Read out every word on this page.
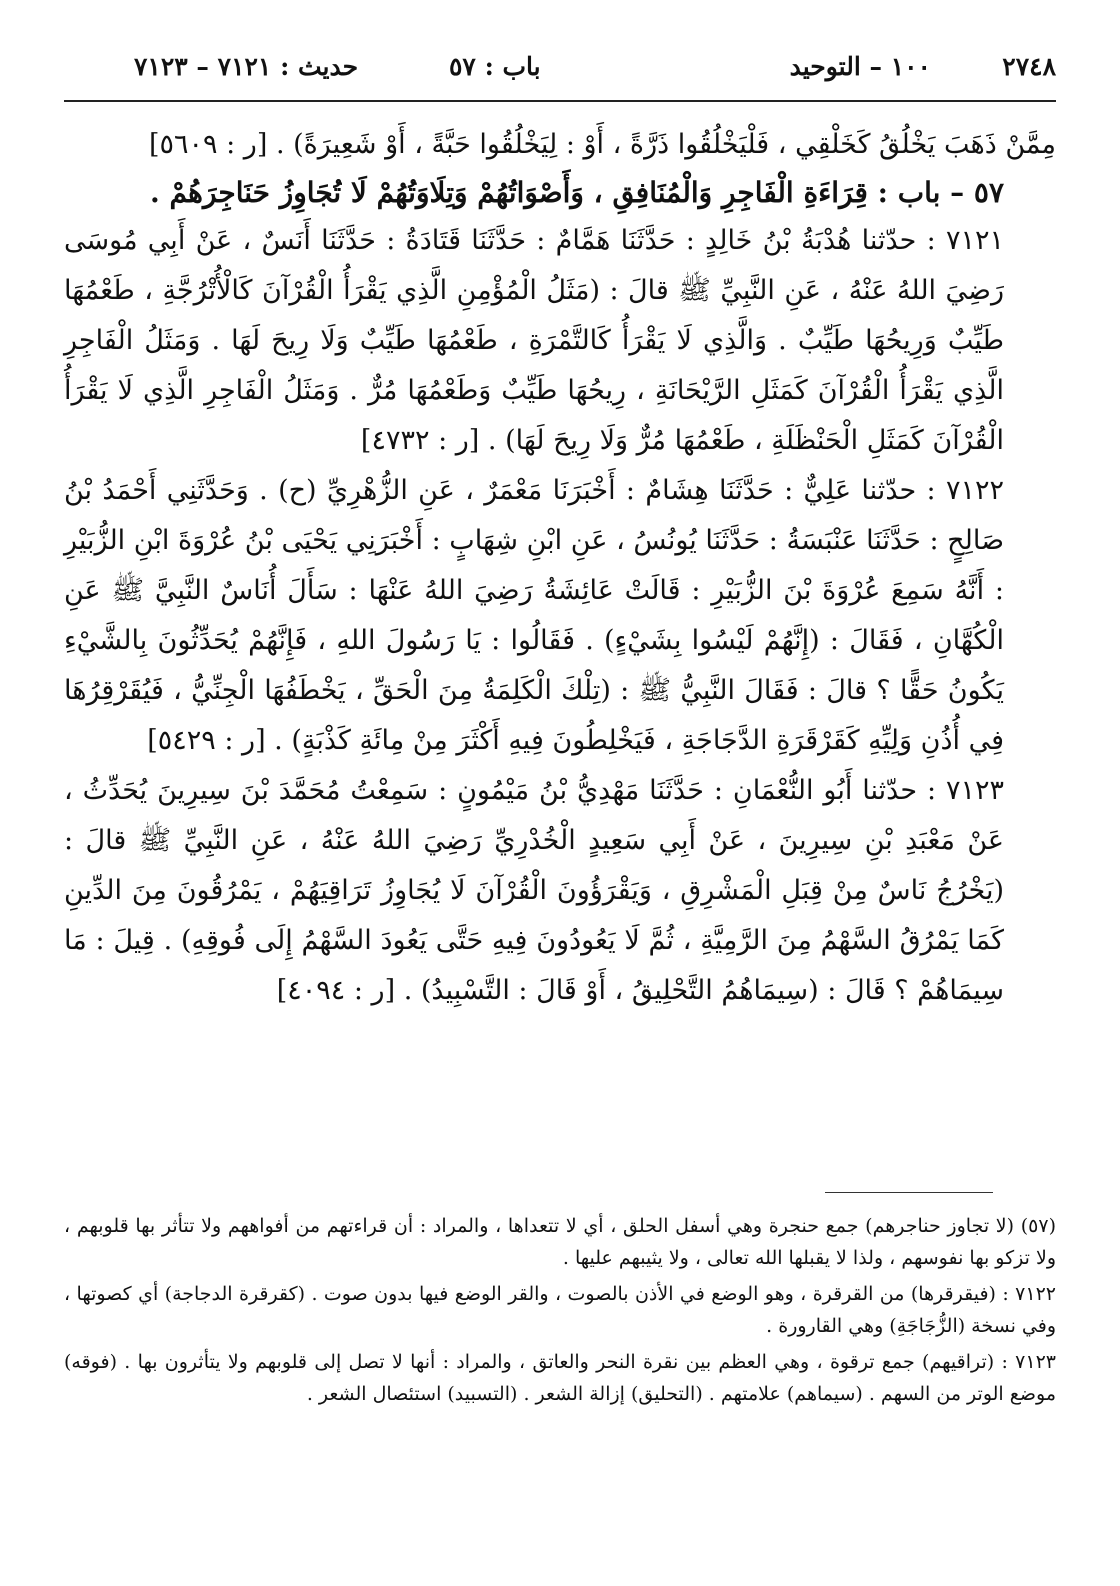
٢٧٤٨
١٠٠ – التوحيد
باب : ٥٧
حديث : ٧١٢١ – ٧١٢٣

مِمَّنْ ذَهَبَ يَخْلُقُ كَخَلْقِي ، فَلْيَخْلُقُوا ذَرَّةً ، أَوْ : لِيَخْلُقُوا حَبَّةً ، أَوْ شَعِيرَةً) . [ر : ٥٦٠٩]

٥٧ – باب : قِرَاءَةِ الْفَاجِرِ وَالْمُنَافِقِ ، وَأَصْوَاتُهُمْ وَتِلَاوَتُهُمْ لَا تُجَاوِزُ حَنَاجِرَهُمْ .

٧١٢١ : حدّثنا هُدْبَةُ بْنُ خَالِدٍ : حَدَّثَنَا هَمَّامٌ : حَدَّثَنَا قَتَادَةُ : حَدَّثَنَا أَنَسٌ ، عَنْ أَبِي مُوسَى رَضِيَ اللهُ عَنْهُ ، عَنِ النَّبِيِّ ﷺ قالَ : (مَثَلُ الْمُؤْمِنِ الَّذِي يَقْرَأُ الْقُرْآنَ كَالْأُتْرُجَّةِ ، طَعْمُهَا طَيِّبٌ وَرِيحُهَا طَيِّبٌ . وَالَّذِي لَا يَقْرَأُ كَالتَّمْرَةِ ، طَعْمُهَا طَيِّبٌ وَلَا رِيحَ لَهَا . وَمَثَلُ الْفَاجِرِ الَّذِي يَقْرَأُ الْقُرْآنَ كَمَثَلِ الرَّيْحَانَةِ ، رِيحُهَا طَيِّبٌ وَطَعْمُهَا مُرٌّ . وَمَثَلُ الْفَاجِرِ الَّذِي لَا يَقْرَأُ الْقُرْآنَ كَمَثَلِ الْحَنْظَلَةِ ، طَعْمُهَا مُرٌّ وَلَا رِيحَ لَهَا) . [ر : ٤٧٣٢]

٧١٢٢ : حدّثنا عَلِيٌّ : حَدَّثَنَا هِشَامٌ : أَخْبَرَنَا مَعْمَرٌ ، عَنِ الزُّهْرِيِّ (ح) . وَحَدَّثَنِي أَحْمَدُ بْنُ صَالِحٍ : حَدَّثَنَا عَنْبَسَةُ : حَدَّثَنَا يُونُسُ ، عَنِ ابْنِ شِهَابٍ : أَخْبَرَنِي يَحْيَى بْنُ عُرْوَةَ ابْنِ الزُّبَيْرِ : أَنَّهُ سَمِعَ عُرْوَةَ بْنَ الزُّبَيْرِ : قَالَتْ عَائِشَةُ رَضِيَ اللهُ عَنْهَا : سَأَلَ أُنَاسٌ النَّبِيَّ ﷺ عَنِ الْكُهَّانِ ، فَقَالَ : (إِنَّهُمْ لَيْسُوا بِشَيْءٍ) . فَقَالُوا : يَا رَسُولَ اللهِ ، فَإِنَّهُمْ يُحَدِّثُونَ بِالشَّيْءِ يَكُونُ حَقًّا ؟ قالَ : فَقَالَ النَّبِيُّ ﷺ : (تِلْكَ الْكَلِمَةُ مِنَ الْحَقِّ ، يَخْطَفُهَا الْجِنِّيُّ ، فَيُقَرْقِرُهَا فِي أُذُنِ وَلِيِّهِ كَقَرْقَرَةِ الدَّجَاجَةِ ، فَيَخْلِطُونَ فِيهِ أَكْثَرَ مِنْ مِائَةِ كَذْبَةٍ) . [ر : ٥٤٢٩]

٧١٢٣ : حدّثنا أَبُو النُّعْمَانِ : حَدَّثَنَا مَهْدِيُّ بْنُ مَيْمُونٍ : سَمِعْتُ مُحَمَّدَ بْنَ سِيرِينَ يُحَدِّثُ ، عَنْ مَعْبَدِ بْنِ سِيرِينَ ، عَنْ أَبِي سَعِيدٍ الْخُدْرِيِّ رَضِيَ اللهُ عَنْهُ ، عَنِ النَّبِيِّ ﷺ قالَ : (يَخْرُجُ نَاسٌ مِنْ قِبَلِ الْمَشْرِقِ ، وَيَقْرَؤُونَ الْقُرْآنَ لَا يُجَاوِزُ تَرَاقِيَهُمْ ، يَمْرُقُونَ مِنَ الدِّينِ كَمَا يَمْرُقُ السَّهْمُ مِنَ الرَّمِيَّةِ ، ثُمَّ لَا يَعُودُونَ فِيهِ حَتَّى يَعُودَ السَّهْمُ إِلَى فُوقِهِ) . قِيلَ : مَا سِيمَاهُمْ ؟ قَالَ : (سِيمَاهُمُ التَّحْلِيقُ ، أَوْ قَالَ : التَّسْبِيدُ) . [ر : ٤٠٩٤]

(٥٧) (لا تجاوز حناجرهم) جمع حنجرة وهي أسفل الحلق ، أي لا تتعداها ، والمراد : أن قراءتهم من أفواههم ولا تتأثر بها قلوبهم ، ولا تزكو بها نفوسهم ، ولذا لا يقبلها الله تعالى ، ولا يثيبهم عليها .

٧١٢٢ : (فيقرقرها) من القرقرة ، وهو الوضع في الأذن بالصوت ، والقر الوضع فيها بدون صوت . (كقرقرة الدجاجة) أي كصوتها ، وفي نسخة (الزُّجَاجَةِ) وهي القارورة .

٧١٢٣ : (تراقيهم) جمع ترقوة ، وهي العظم بين نقرة النحر والعاتق ، والمراد : أنها لا تصل إلى قلوبهم ولا يتأثرون بها . (فوقه) موضع الوتر من السهم . (سيماهم) علامتهم . (التحليق) إزالة الشعر . (التسبيد) استئصال الشعر .
